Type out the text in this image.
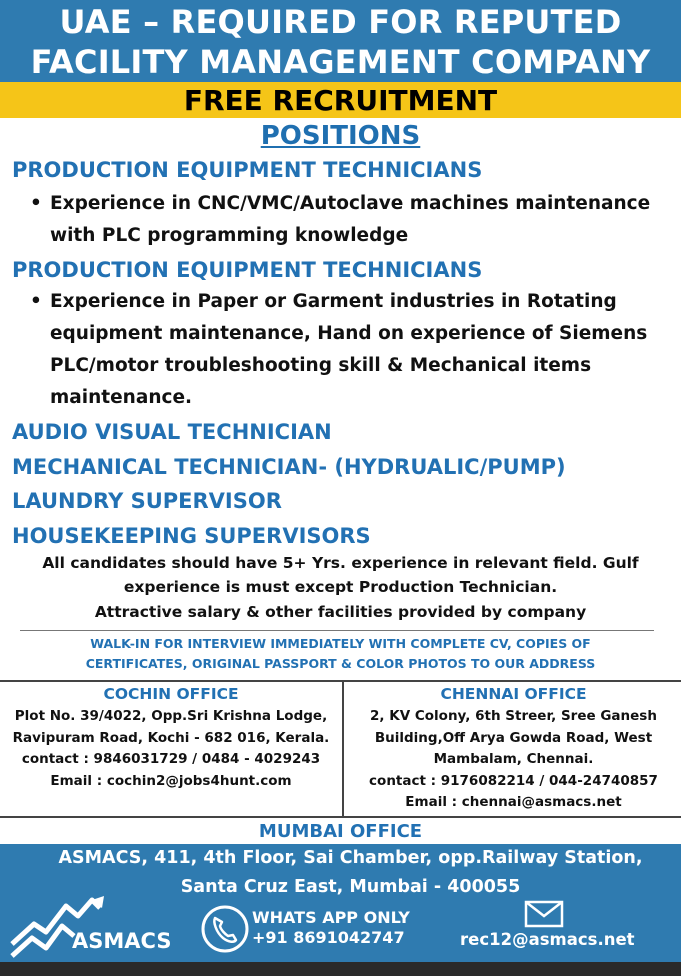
UAE – REQUIRED FOR REPUTED
FACILITY MANAGEMENT COMPANY
FREE RECRUITMENT
POSITIONS
PRODUCTION EQUIPMENT TECHNICIANS
• Experience in CNC/VMC/Autoclave machines maintenance
with PLC programming knowledge
PRODUCTION EQUIPMENT TECHNICIANS
• Experience in Paper or Garment industries in Rotating
equipment maintenance, Hand on experience of Siemens
PLC/motor troubleshooting skill & Mechanical items
maintenance.
AUDIO VISUAL TECHNICIAN
MECHANICAL TECHNICIAN- (HYDRUALIC/PUMP)
LAUNDRY SUPERVISOR
HOUSEKEEPING SUPERVISORS
All candidates should have 5+ Yrs. experience in relevant field. Gulf
experience is must except Production Technician.
Attractive salary & other facilities provided by company
WALK-IN FOR INTERVIEW IMMEDIATELY WITH COMPLETE CV, COPIES OF
CERTIFICATES, ORIGINAL PASSPORT & COLOR PHOTOS TO OUR ADDRESS
COCHIN OFFICE
Plot No. 39/4022, Opp.Sri Krishna Lodge,
Ravipuram Road, Kochi - 682 016, Kerala.
contact : 9846031729 / 0484 - 4029243
Email : cochin2@jobs4hunt.com
CHENNAI OFFICE
2, KV Colony, 6th Streer, Sree Ganesh
Building,Off Arya Gowda Road, West
Mambalam, Chennai.
contact : 9176082214 / 044-24740857
Email : chennai@asmacs.net
MUMBAI OFFICE
ASMACS, 411, 4th Floor, Sai Chamber, opp.Railway Station,
Santa Cruz East, Mumbai - 400055
ASMACS
WHATS APP ONLY
+91 8691042747	rec12@asmacs.net
